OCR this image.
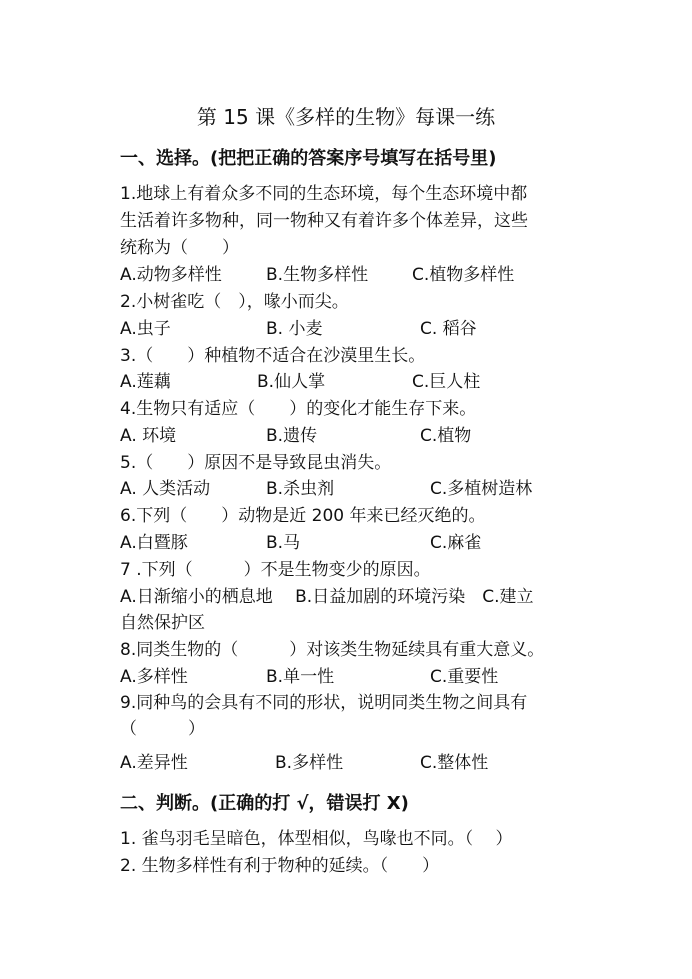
第 15 课《多样的生物》每课一练
一、选择。(把把正确的答案序号填写在括号里)
1.地球上有着众多不同的生态环境，每个生态环境中都
生活着许多物种，同一物种又有着许多个体差异，这些
统称为（　　）
A.动物多样性	B.生物多样性	C.植物多样性
2.小树雀吃（　），喙小而尖。
A.虫子	B. 小麦	C. 稻谷
3.（　　）种植物不适合在沙漠里生长。
A.莲藕	B.仙人掌	C.巨人柱
4.生物只有适应（　　）的变化才能生存下来。
A. 环境	B.遗传	C.植物
5.（　　）原因不是导致昆虫消失。
A. 人类活动	B.杀虫剂	C.多植树造林
6.下列（　　）动物是近 200 年来已经灭绝的。
A.白暨豚	B.马	C.麻雀
7 .下列（　　　）不是生物变少的原因。
A.日渐缩小的栖息地　 B.日益加剧的环境污染　C.建立
自然保护区
8.同类生物的（　　　）对该类生物延续具有重大意义。
A.多样性	B.单一性	C.重要性
9.同种鸟的会具有不同的形状，说明同类生物之间具有
（　　　）
A.差异性	B.多样性	C.整体性
二、判断。(正确的打 √，错误打 X)
1. 雀鸟羽毛呈暗色，体型相似，鸟喙也不同。（　 ）
2. 生物多样性有利于物种的延续。（　　）
